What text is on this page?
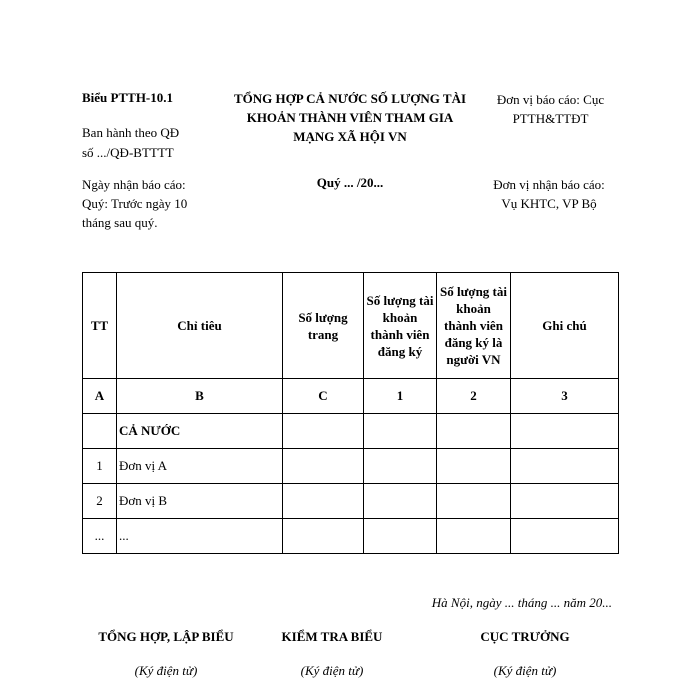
Biểu PTTH-10.1
Ban hành theo QĐ
số .../QĐ-BTTTT
TỔNG HỢP CẢ NƯỚC SỐ LƯỢNG TÀI
KHOẢN THÀNH VIÊN THAM GIA
MẠNG XÃ HỘI VN
Đơn vị báo cáo: Cục
PTTH&TTĐT
Ngày nhận báo cáo:
Quý: Trước ngày 10
tháng sau quý.
Quý ... /20...	Đơn vị nhận báo cáo:
Vụ KHTC, VP Bộ
TT	Chỉ tiêu	Số lượng trang	Số lượng tài khoản thành viên đăng ký	Số lượng tài khoản thành viên đăng ký là người VN	Ghi chú
A	B	C	1	2	3
	CẢ NƯỚC				
1	Đơn vị A				
2	Đơn vị B				
...	...				
Hà Nội, ngày ... tháng ... năm 20...
TỔNG HỢP, LẬP BIỂU	KIỂM TRA BIỂU	CỤC TRƯỞNG
(Ký điện tử)	(Ký điện tử)	(Ký điện tử)
